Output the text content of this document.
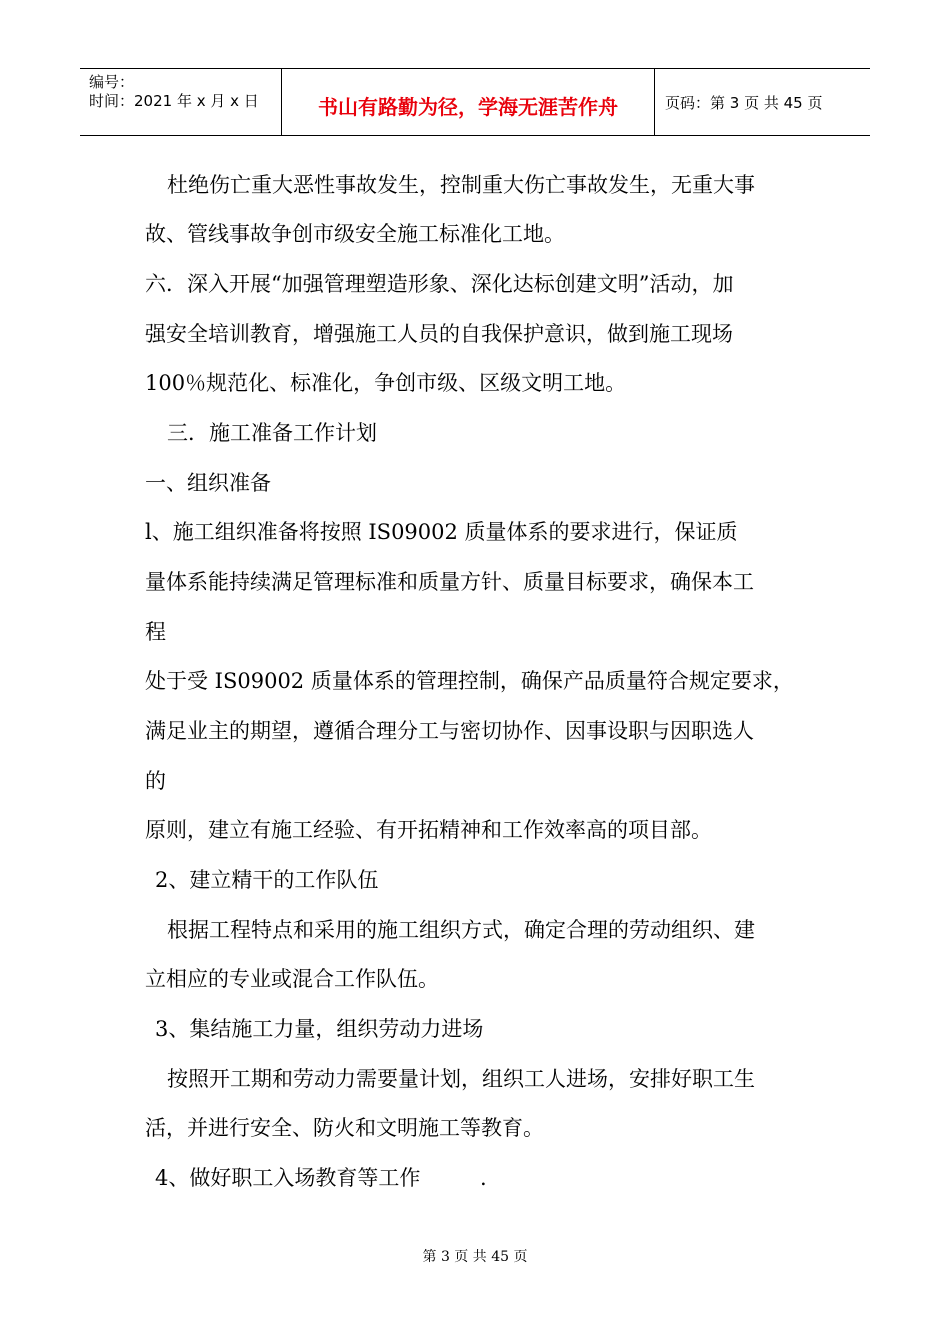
编号：
时间：2021 年 x 月 x 日	书山有路勤为径，学海无涯苦作舟	页码：第 3 页 共 45 页
杜绝伤亡重大恶性事故发生，控制重大伤亡事故发生，无重大事
故、管线事故争创市级安全施工标准化工地。
六．深入开展“加强管理塑造形象、深化达标创建文明”活动，加
强安全培训教育，增强施工人员的自我保护意识，做到施工现场
100％规范化、标准化，争创市级、区级文明工地。
三．施工准备工作计划
一、组织准备
l、施工组织准备将按照 IS09002 质量体系的要求进行，保证质
量体系能持续满足管理标准和质量方针、质量目标要求，确保本工
程
处于受 IS09002 质量体系的管理控制，确保产品质量符合规定要求，
满足业主的期望，遵循合理分工与密切协作、因事设职与因职选人
的
原则，建立有施工经验、有开拓精神和工作效率高的项目部。
2、建立精干的工作队伍
根据工程特点和采用的施工组织方式，确定合理的劳动组织、建
立相应的专业或混合工作队伍。
3、集结施工力量，组织劳动力进场
按照开工期和劳动力需要量计划，组织工人进场，安排好职工生
活，并进行安全、防火和文明施工等教育。
4、做好职工入场教育等工作	.
第 3 页 共 45 页
